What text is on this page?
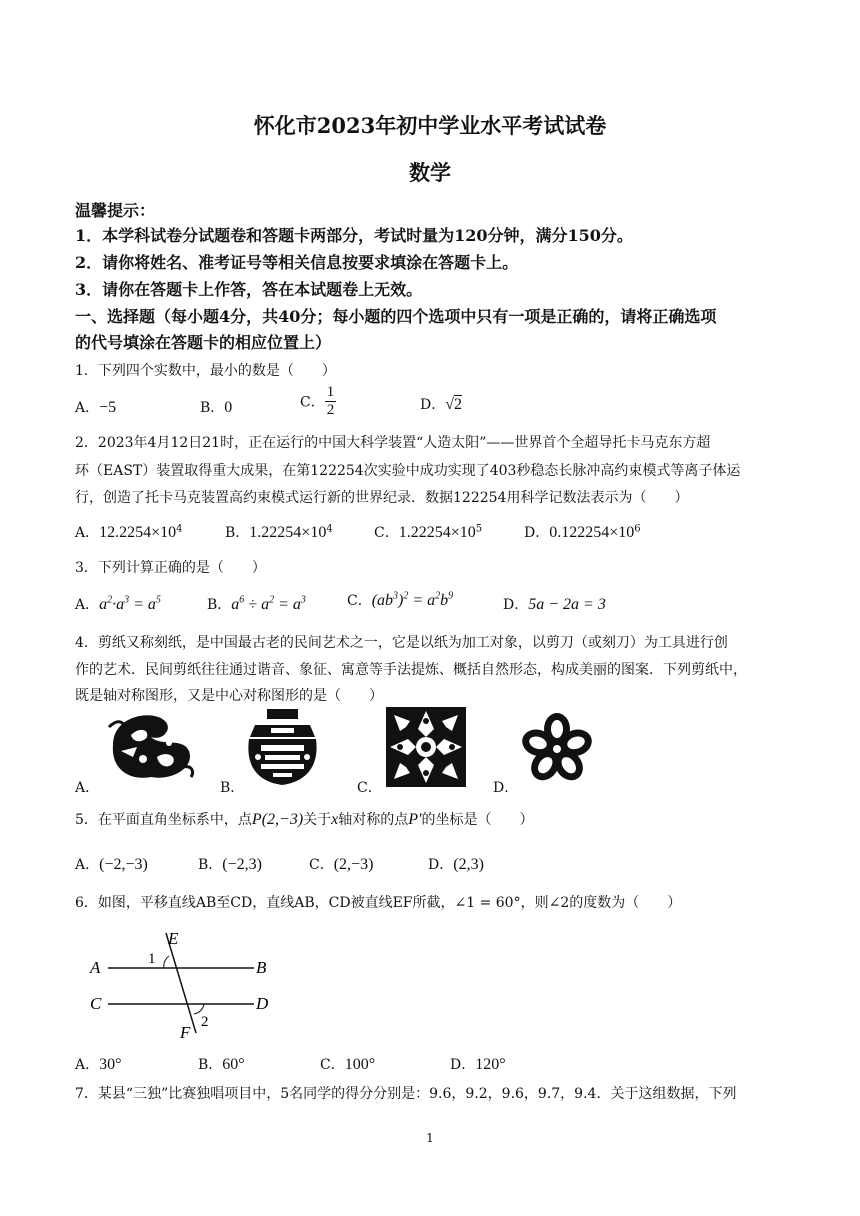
怀化市2023年初中学业水平考试试卷
数学
温馨提示：
1．本学科试卷分试题卷和答题卡两部分，考试时量为120分钟，满分150分。
2．请你将姓名、准考证号等相关信息按要求填涂在答题卡上。
3．请你在答题卡上作答，答在本试题卷上无效。
一、选择题（每小题4分，共40分；每小题的四个选项中只有一项是正确的，请将正确选项
的代号填涂在答题卡的相应位置上）
1．下列四个实数中，最小的数是（　　）
A．−5	B．0	C． $\frac{1}{2}$	D．√2
2．2023年4月12日21时，正在运行的中国大科学装置“人造太阳”——世界首个全超导托卡马克东方超
环（EAST）装置取得重大成果，在第122254次实验中成功实现了403秒稳态长脉冲高约束模式等离子体运
行，创造了托卡马克装置高约束模式运行新的世界纪录．数据122254用科学记数法表示为（　　）
A．$12.2254\times 10^4$	B．$1.22254\times 10^4$	C．$1.22254\times 10^5$	D．$0.122254\times 10^6$
3．下列计算正确的是（　　）
A．$a^2\cdot a^3 = a^5$	B．$a^6 \div a^2 = a^3$	C．$(ab^3)^2 = a^2b^9$
D．5a − 2a = 3
4．剪纸又称刻纸，是中国最古老的民间艺术之一，它是以纸为加工对象，以剪刀（或刻刀）为工具进行创
作的艺术．民间剪纸往往通过谐音、象征、寓意等手法提炼、概括自然形态，构成美丽的图案．下列剪纸中，
既是轴对称图形，又是中心对称图形的是（　　）
A．	B．	C．	D．
5．在平面直角坐标系中，点P(2,−3)关于x轴对称的点P′的坐标是（　　）
A．(−2,−3)	B．(−2,3)	C．(2,−3)	D．(2,3)
6．如图，平移直线AB至CD，直线AB，CD被直线EF所截，∠1 = 60°，则∠2的度数为（　　）
A	B
C	D
E
F
1
2
A．30°	B．60°	C．100°	D．120°
7．某县“三独”比赛独唱项目中，5名同学的得分分别是：9.6，9.2，9.6，9.7，9.4．关于这组数据，下列
1
